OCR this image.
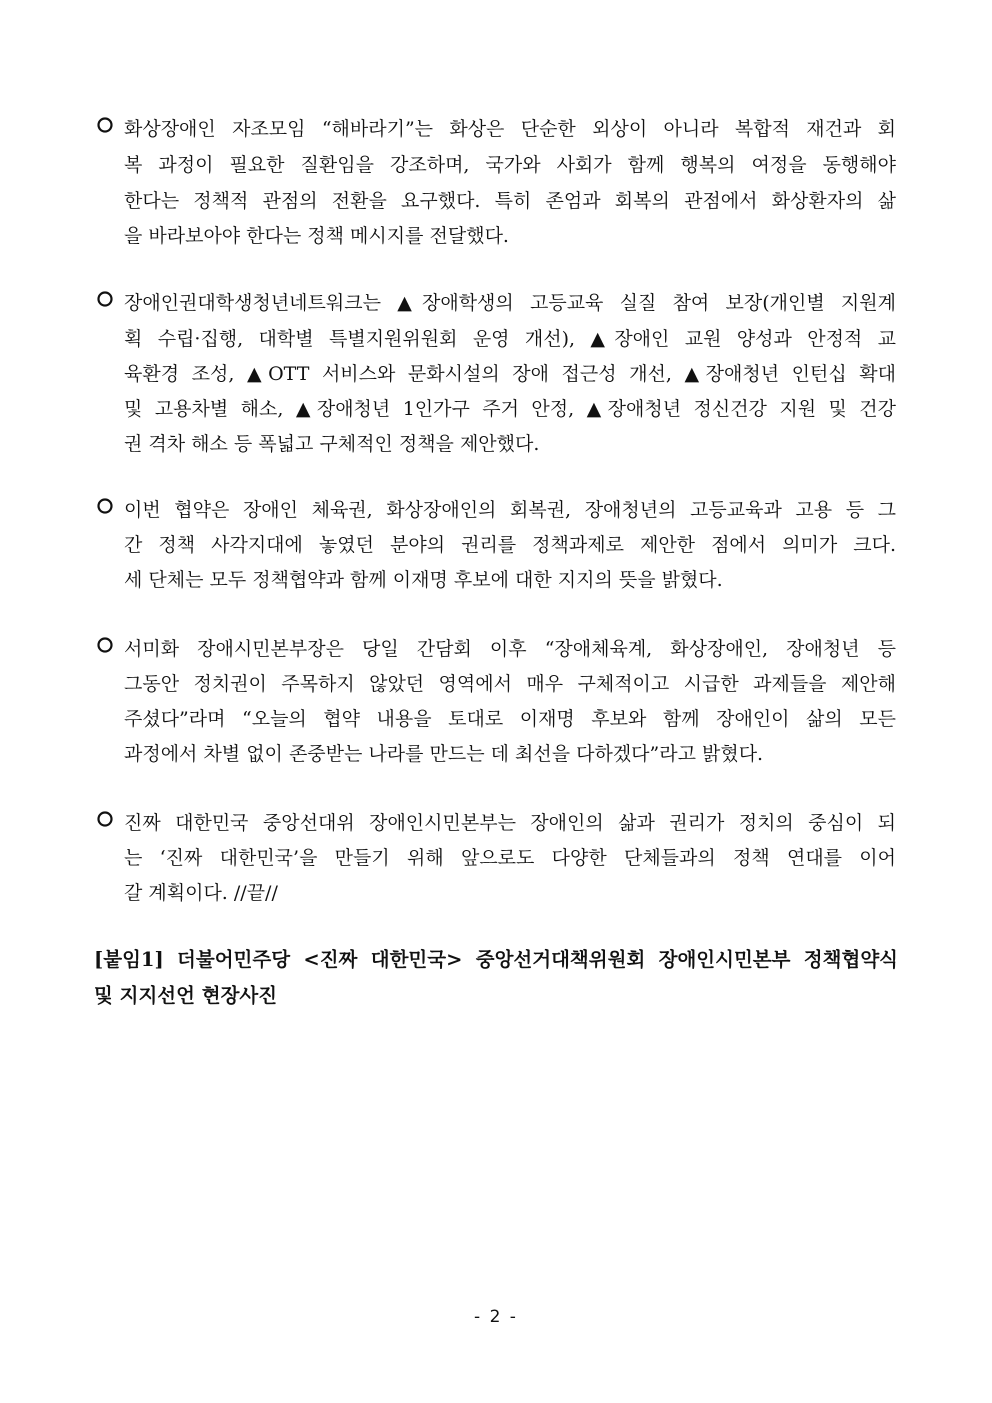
화상장애인 자조모임 “해바라기”는 화상은 단순한 외상이 아니라 복합적 재건과 회
복 과정이 필요한 질환임을 강조하며, 국가와 사회가 함께 행복의 여정을 동행해야
한다는 정책적 관점의 전환을 요구했다. 특히 존엄과 회복의 관점에서 화상환자의 삶
을 바라보아야 한다는 정책 메시지를 전달했다.
장애인권대학생청년네트워크는 ▲장애학생의 고등교육 실질 참여 보장(개인별 지원계
획 수립·집행, 대학별 특별지원위원회 운영 개선), ▲장애인 교원 양성과 안정적 교
육환경 조성, ▲OTT 서비스와 문화시설의 장애 접근성 개선, ▲장애청년 인턴십 확대
및 고용차별 해소, ▲장애청년 1인가구 주거 안정, ▲장애청년 정신건강 지원 및 건강
권 격차 해소 등 폭넓고 구체적인 정책을 제안했다.
이번 협약은 장애인 체육권, 화상장애인의 회복권, 장애청년의 고등교육과 고용 등 그
간 정책 사각지대에 놓였던 분야의 권리를 정책과제로 제안한 점에서 의미가 크다.
세 단체는 모두 정책협약과 함께 이재명 후보에 대한 지지의 뜻을 밝혔다.
서미화 장애시민본부장은 당일 간담회 이후 “장애체육계, 화상장애인, 장애청년 등
그동안 정치권이 주목하지 않았던 영역에서 매우 구체적이고 시급한 과제들을 제안해
주셨다”라며 “오늘의 협약 내용을 토대로 이재명 후보와 함께 장애인이 삶의 모든
과정에서 차별 없이 존중받는 나라를 만드는 데 최선을 다하겠다”라고 밝혔다.
진짜 대한민국 중앙선대위 장애인시민본부는 장애인의 삶과 권리가 정치의 중심이 되
는 ‘진짜 대한민국’을 만들기 위해 앞으로도 다양한 단체들과의 정책 연대를 이어
갈 계획이다. //끝//
[붙임1] 더불어민주당 <진짜 대한민국> 중앙선거대책위원회 장애인시민본부 정책협약식
및 지지선언 현장사진
- 2 -
